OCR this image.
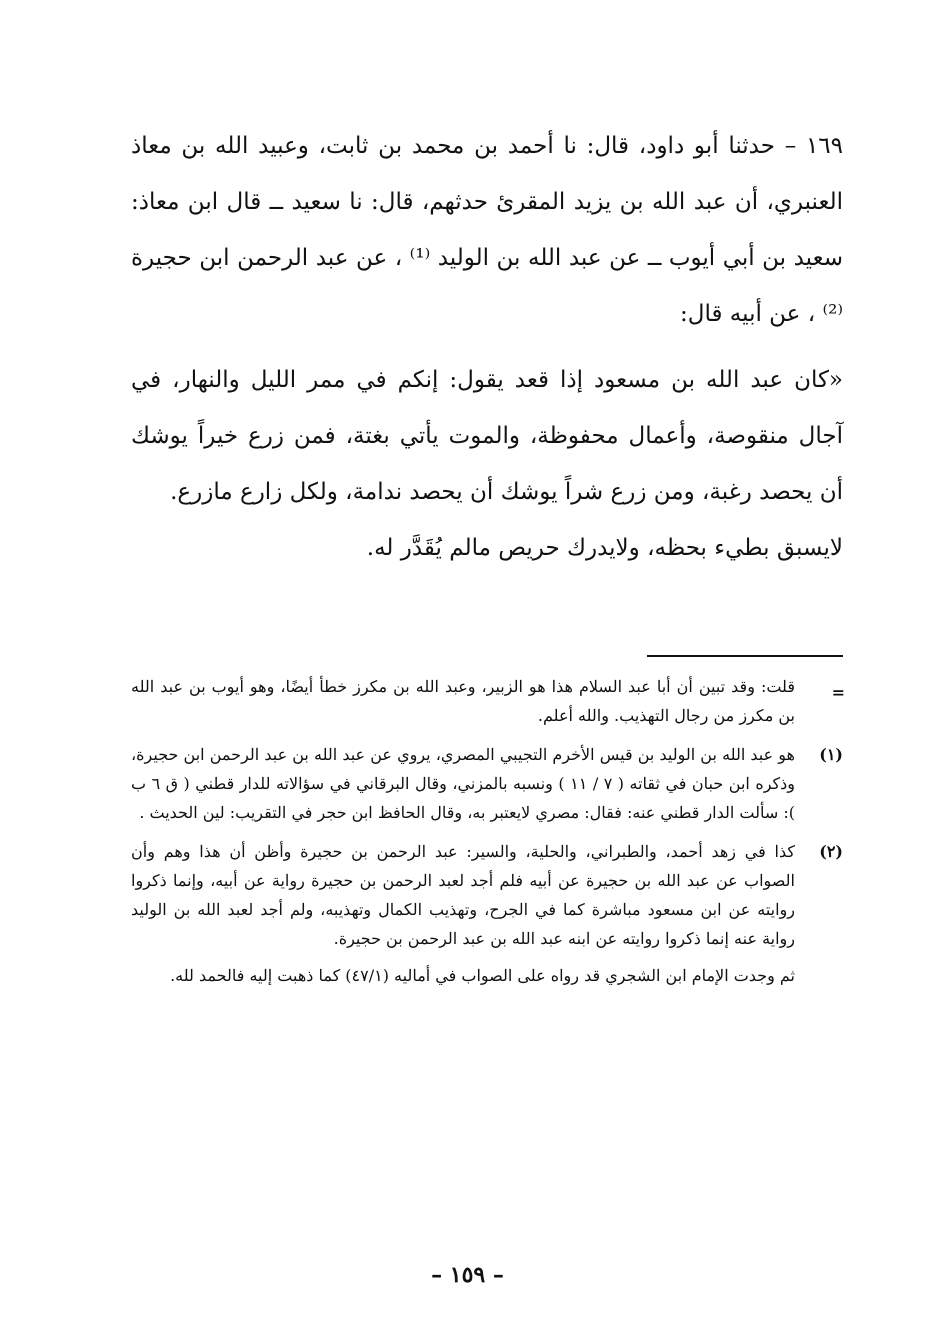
١٦٩ – حدثنا أبو داود، قال: نا أحمد بن محمد بن ثابت، وعبيد الله بن معاذ العنبري، أن عبد الله بن يزيد المقرئ حدثهم، قال: نا سعيد ــ قال ابن معاذ: سعيد بن أبي أيوب ــ عن عبد الله بن الوليد ⁽¹⁾ ، عن عبد الرحمن ابن حجيرة ⁽²⁾ ، عن أبيه قال:

«كان عبد الله بن مسعود إذا قعد يقول: إنكم في ممر الليل والنهار، في آجال منقوصة، وأعمال محفوظة، والموت يأتي بغتة، فمن زرع خيراً يوشك أن يحصد رغبة، ومن زرع شراً يوشك أن يحصد ندامة، ولكل زارع مازرع.

لايسبق بطيء بحظه، ولايدرك حريص مالم يُقَدَّر له.

=
قلت: وقد تبين أن أبا عبد السلام هذا هو الزبير، وعبد الله بن مكرز خطأ أيضًا، وهو أيوب بن عبد الله بن مكرز من رجال التهذيب. والله أعلم.

(١)
هو عبد الله بن الوليد بن قيس الأخرم التجيبي المصري، يروي عن عبد الله بن عبد الرحمن ابن حجيرة، وذكره ابن حبان في ثقاته ( ٧ / ١١ ) ونسبه بالمزني، وقال البرقاني في سؤالاته للدار قطني ( ق ٦ ب ): سألت الدار قطني عنه: فقال: مصري لايعتبر به، وقال الحافظ ابن حجر في التقريب: لين الحديث .

(٢)
كذا في زهد أحمد، والطبراني، والحلية، والسير: عبد الرحمن بن حجيرة وأظن أن هذا وهم وأن الصواب عن عبد الله بن حجيرة عن أبيه فلم أجد لعبد الرحمن بن حجيرة رواية عن أبيه، وإنما ذكروا روايته عن ابن مسعود مباشرة كما في الجرح، وتهذيب الكمال وتهذيبه، ولم أجد لعبد الله بن الوليد رواية عنه إنما ذكروا روايته عن ابنه عبد الله بن عبد الرحمن بن حجيرة.

ثم وجدت الإمام ابن الشجري قد رواه على الصواب في أماليه (٤٧/١) كما ذهبت إليه فالحمد لله.

– ١٥٩ –
